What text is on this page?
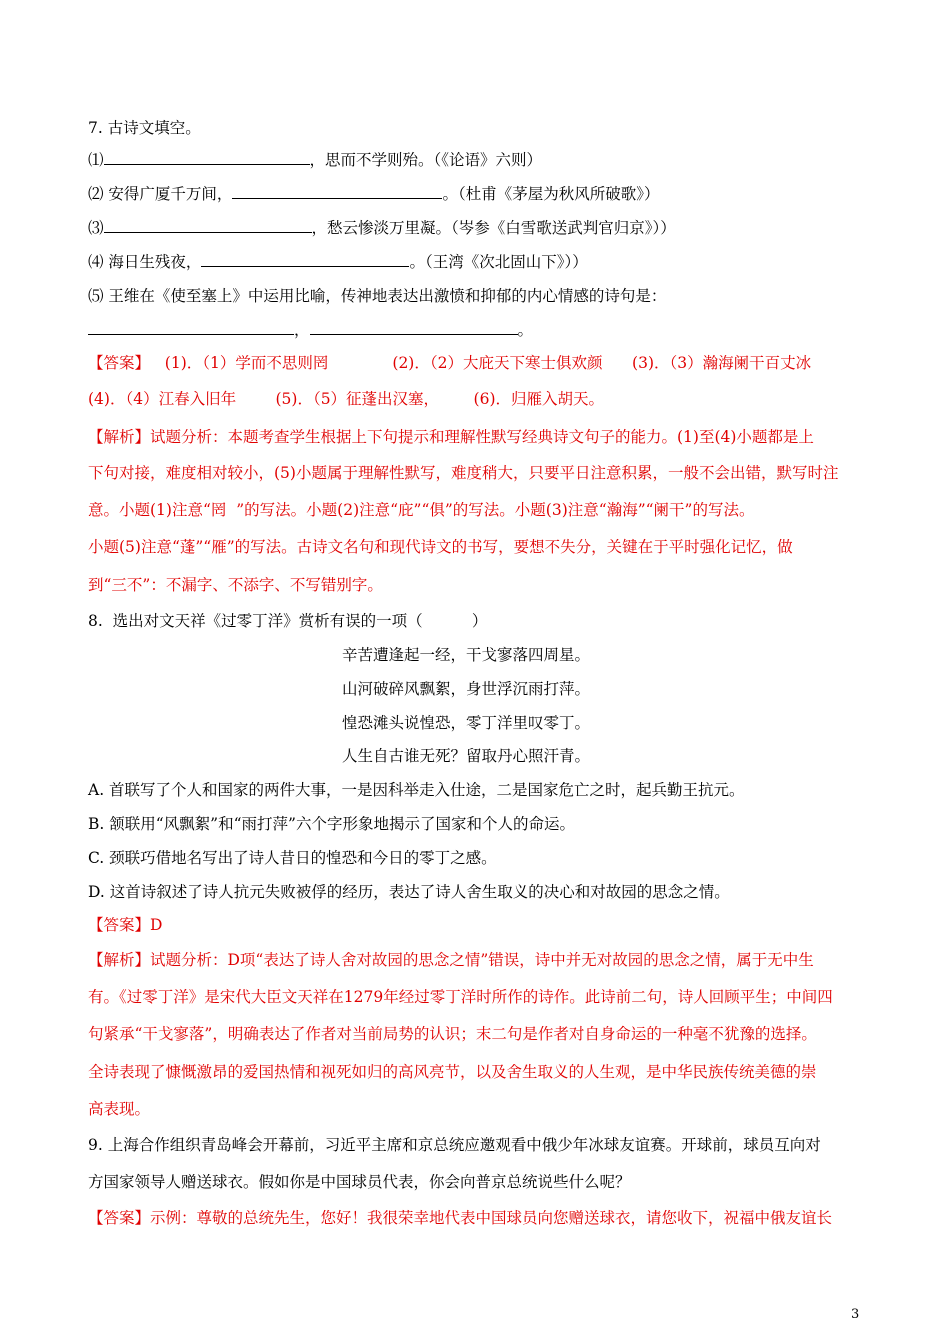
7. 古诗文填空。
⑴	，思而不学则殆。（《论语》六则）
⑵ 安得广厦千万间，	。（杜甫《茅屋为秋风所破歌》）
⑶	，愁云惨淡万里凝。（岑参《白雪歌送武判官归京》））
⑷ 海日生残夜，	。（王湾《次北固山下》））
⑸ 王维在《使至塞上》中运用比喻，传神地表达出激愤和抑郁的内心情感的诗句是：
，	。
【答案】   (1)．（1）学而不思则罔             (2)．（2）大庇天下寒士俱欢颜      (3)．（3）瀚海阑干百丈冰
(4)．（4）江春入旧年        (5)．（5）征蓬出汉塞，       (6)．归雁入胡天。
【解析】试题分析：本题考查学生根据上下句提示和理解性默写经典诗文句子的能力。(1)至(4)小题都是上
下句对接，难度相对较小，(5)小题属于理解性默写，难度稍大，只要平日注意积累，一般不会出错，默写时注
意。小题(1)注意“罔  ”的写法。小题(2)注意“庇”“俱”的写法。小题(3)注意“瀚海”“阑干”的写法。
小题(5)注意“蓬”“雁”的写法。古诗文名句和现代诗文的书写，要想不失分，关键在于平时强化记忆，做
到“三不”：不漏字、不添字、不写错别字。
8.  选出对文天祥《过零丁洋》赏析有误的一项（          ）
辛苦遭逢起一经，干戈寥落四周星。
山河破碎风飘絮，身世浮沉雨打萍。
惶恐滩头说惶恐，零丁洋里叹零丁。
人生自古谁无死？留取丹心照汗青。
A. 首联写了个人和国家的两件大事，一是因科举走入仕途，二是国家危亡之时，起兵勤王抗元。
B. 颔联用“风飘絮”和“雨打萍”六个字形象地揭示了国家和个人的命运。
C. 颈联巧借地名写出了诗人昔日的惶恐和今日的零丁之感。
D. 这首诗叙述了诗人抗元失败被俘的经历，表达了诗人舍生取义的决心和对故园的思念之情。
【答案】D
【解析】试题分析：D项“表达了诗人舍对故园的思念之情”错误，诗中并无对故园的思念之情，属于无中生
有。《过零丁洋》是宋代大臣文天祥在1279年经过零丁洋时所作的诗作。此诗前二句，诗人回顾平生；中间四
句紧承“干戈寥落”，明确表达了作者对当前局势的认识；末二句是作者对自身命运的一种毫不犹豫的选择。
全诗表现了慷慨激昂的爱国热情和视死如归的高风亮节，以及舍生取义的人生观，是中华民族传统美德的崇
高表现。
9. 上海合作组织青岛峰会开幕前，习近平主席和京总统应邀观看中俄少年冰球友谊赛。开球前，球员互向对
方国家领导人赠送球衣。假如你是中国球员代表，你会向普京总统说些什么呢？
【答案】示例：尊敬的总统先生，您好！我很荣幸地代表中国球员向您赠送球衣，请您收下，祝福中俄友谊长
3
